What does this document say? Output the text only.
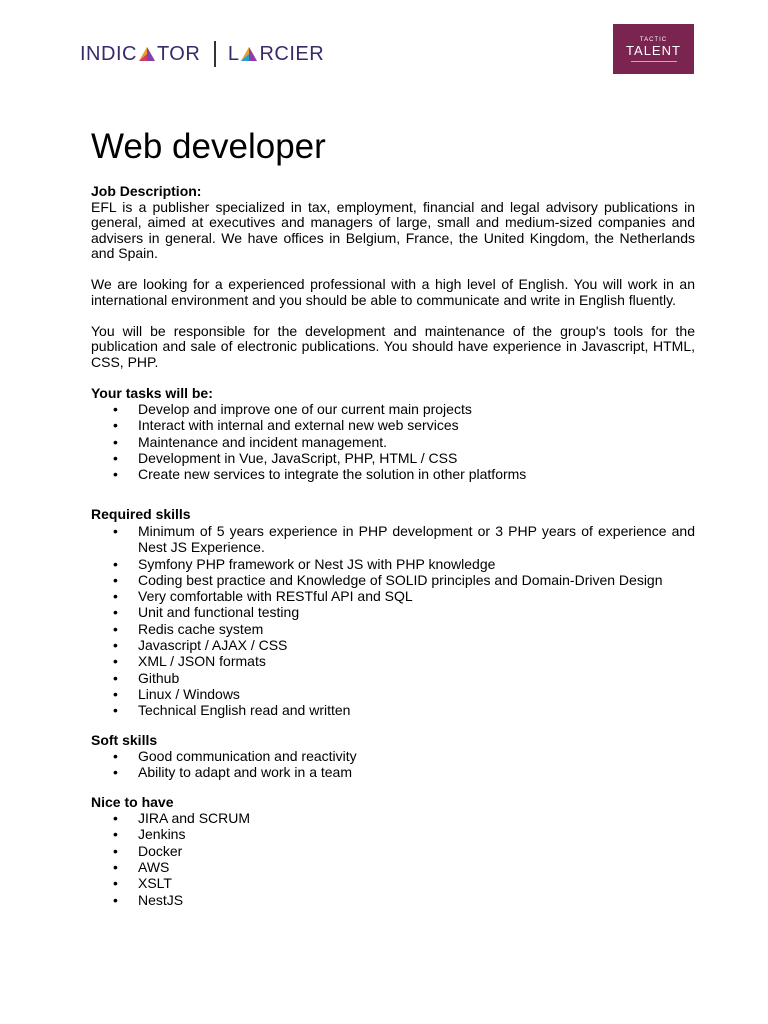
INDIC TOR L RCIER
TACTIC
TALENT
Web developer
Job Description:

EFL is a publisher specialized in tax, employment, financial and legal advisory publications in general, aimed at executives and managers of large, small and medium-sized companies and advisers in general. We have offices in Belgium, France, the United Kingdom, the Netherlands and Spain.

We are looking for a experienced professional with a high level of English. You will work in an international environment and you should be able to communicate and write in English fluently.

You will be responsible for the development and maintenance of the group's tools for the publication and sale of electronic publications. You should have experience in Javascript, HTML, CSS, PHP.

Your tasks will be:
• Develop and improve one of our current main projects
• Interact with internal and external new web services
• Maintenance and incident management.
• Development in Vue, JavaScript, PHP, HTML / CSS
• Create new services to integrate the solution in other platforms
Required skills
• Minimum of 5 years experience in PHP development or 3 PHP years of experience and Nest JS Experience.
• Symfony PHP framework or Nest JS with PHP knowledge
• Coding best practice and Knowledge of SOLID principles and Domain-Driven Design
• Very comfortable with RESTful API and SQL
• Unit and functional testing
• Redis cache system
• Javascript / AJAX / CSS
• XML / JSON formats
• Github
• Linux / Windows
• Technical English read and written
Soft skills
• Good communication and reactivity
• Ability to adapt and work in a team
Nice to have
• JIRA and SCRUM
• Jenkins
• Docker
• AWS
• XSLT
• NestJS
